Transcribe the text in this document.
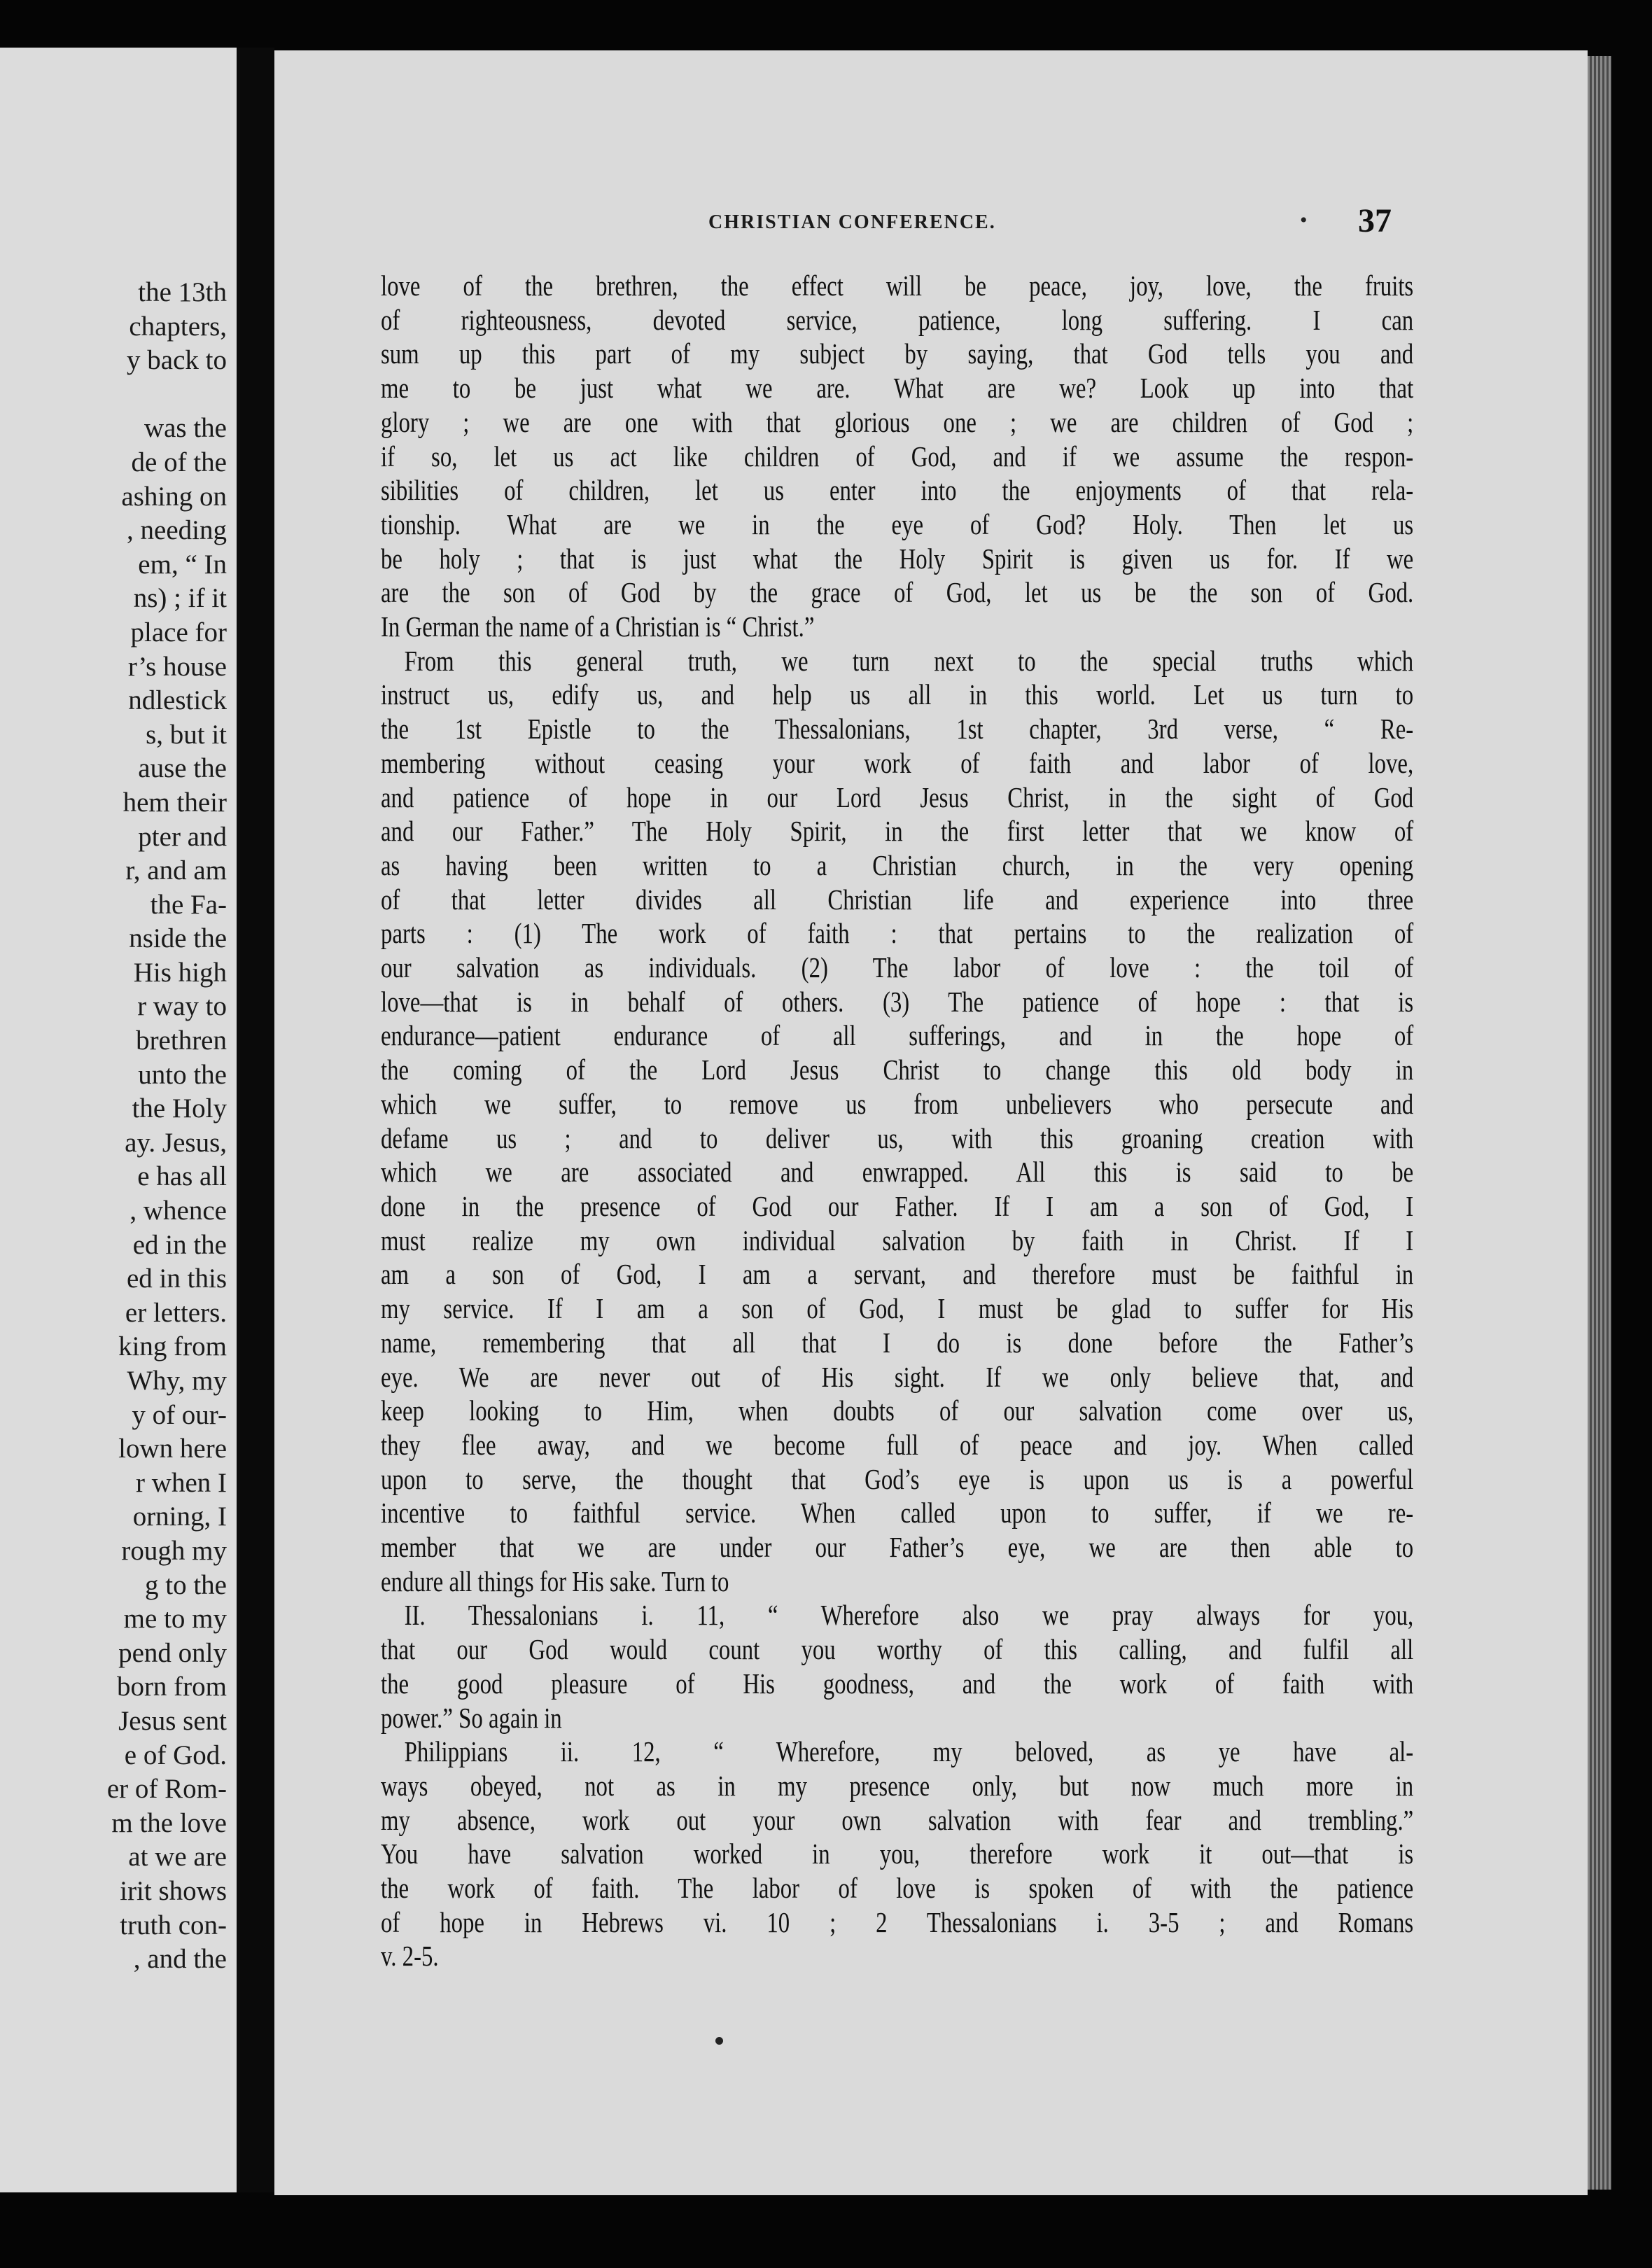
the 13th
chapters,
y back to

was the
de of the
ashing on
, needing
em, “ In
ns) ; if it
place for
r’s house
ndlestick
s, but it
ause the
hem their
pter and
r, and am
the Fa-
nside the
His high
r way to
brethren
unto the
the Holy
ay. Jesus,
e has all
, whence
ed in the
ed in this
er letters.
king from
Why, my
y of our-
lown here
r when I
orning, I
rough my
g to the
me to my
pend only
born from
Jesus sent
e of God.
er of Rom-
m the love
at we are
irit shows
truth con-
, and the
CHRISTIAN CONFERENCE.	• 37
love of the brethren, the effect will be peace, joy, love, the fruits
of righteousness, devoted service, patience, long suffering. I can
sum up this part of my subject by saying, that God tells you and
me to be just what we are. What are we? Look up into that
glory ; we are one with that glorious one ; we are children of God ;
if so, let us act like children of God, and if we assume the respon-
sibilities of children, let us enter into the enjoyments of that rela-
tionship. What are we in the eye of God? Holy. Then let us
be holy ; that is just what the Holy Spirit is given us for. If we
are the son of God by the grace of God, let us be the son of God.
In German the name of a Christian is “ Christ.”
From this general truth, we turn next to the special truths which
instruct us, edify us, and help us all in this world. Let us turn to
the 1st Epistle to the Thessalonians, 1st chapter, 3rd verse, “ Re-
membering without ceasing your work of faith and labor of love,
and patience of hope in our Lord Jesus Christ, in the sight of God
and our Father.” The Holy Spirit, in the first letter that we know of
as having been written to a Christian church, in the very opening
of that letter divides all Christian life and experience into three
parts : (1) The work of faith : that pertains to the realization of
our salvation as individuals. (2) The labor of love : the toil of
love—that is in behalf of others. (3) The patience of hope : that is
endurance—patient endurance of all sufferings, and in the hope of
the coming of the Lord Jesus Christ to change this old body in
which we suffer, to remove us from unbelievers who persecute and
defame us ; and to deliver us, with this groaning creation with
which we are associated and enwrapped. All this is said to be
done in the presence of God our Father. If I am a son of God, I
must realize my own individual salvation by faith in Christ. If I
am a son of God, I am a servant, and therefore must be faithful in
my service. If I am a son of God, I must be glad to suffer for His
name, remembering that all that I do is done before the Father’s
eye. We are never out of His sight. If we only believe that, and
keep looking to Him, when doubts of our salvation come over us,
they flee away, and we become full of peace and joy. When called
upon to serve, the thought that God’s eye is upon us is a powerful
incentive to faithful service. When called upon to suffer, if we re-
member that we are under our Father’s eye, we are then able to
endure all things for His sake. Turn to
II. Thessalonians i. 11, “ Wherefore also we pray always for you,
that our God would count you worthy of this calling, and fulfil all
the good pleasure of His goodness, and the work of faith with
power.” So again in
Philippians ii. 12, “ Wherefore, my beloved, as ye have al-
ways obeyed, not as in my presence only, but now much more in
my absence, work out your own salvation with fear and trembling.”
You have salvation worked in you, therefore work it out—that is
the work of faith. The labor of love is spoken of with the patience
of hope in Hebrews vi. 10 ; 2 Thessalonians i. 3-5 ; and Romans
v. 2-5.
